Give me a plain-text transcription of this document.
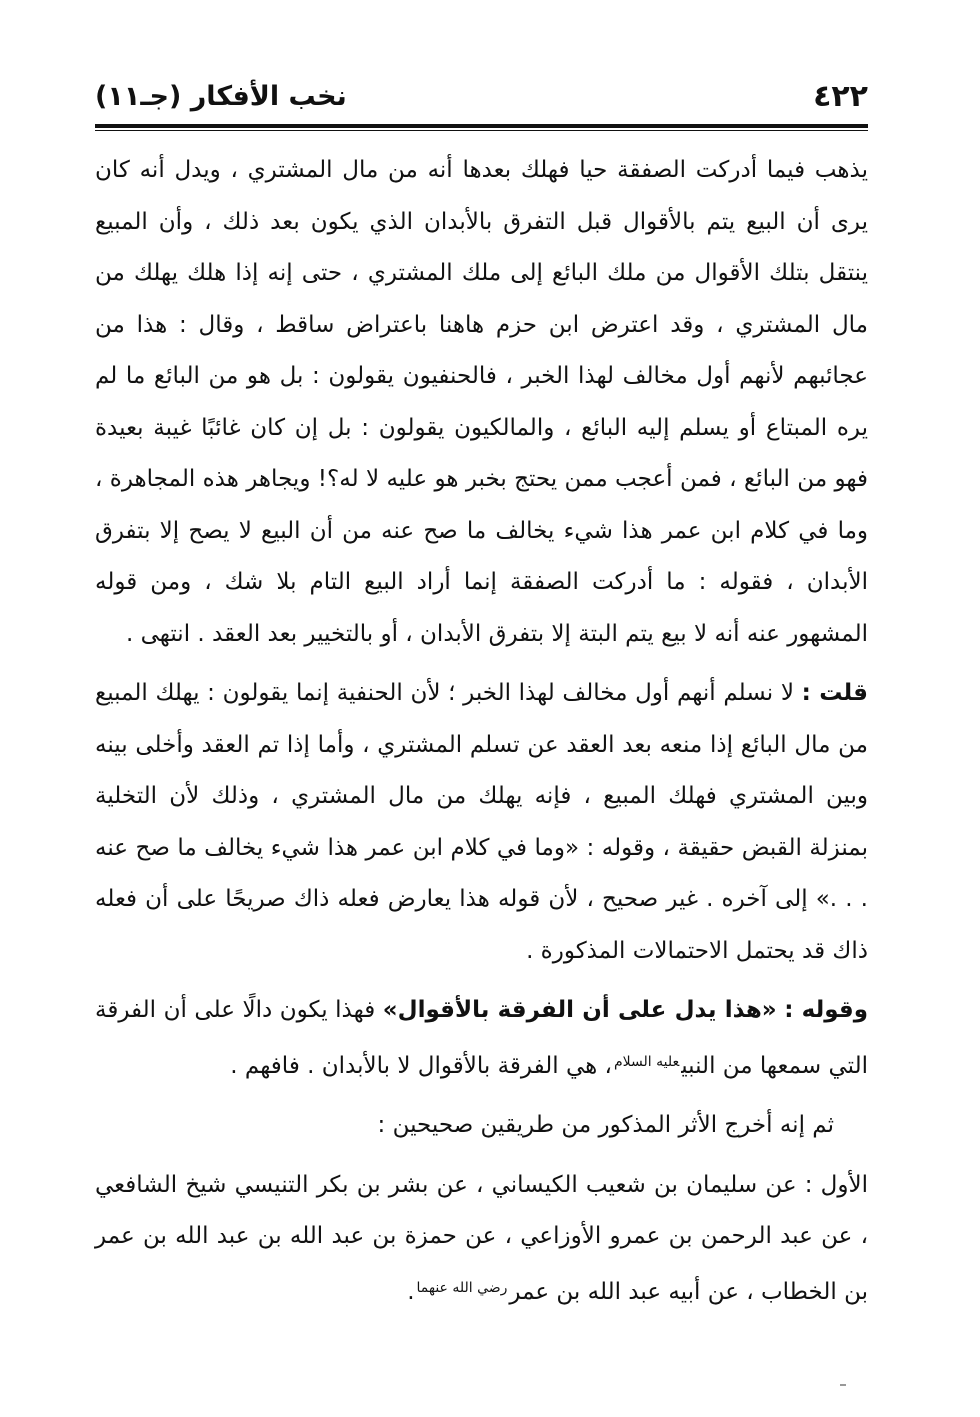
٤٢٢
نخب الأفكار (جـ١١)

يذهب فيما أدركت الصفقة حيا فهلك بعدها أنه من مال المشتري ، ويدل أنه كان يرى أن البيع يتم بالأقوال قبل التفرق بالأبدان الذي يكون بعد ذلك ، وأن المبيع ينتقل بتلك الأقوال من ملك البائع إلى ملك المشتري ، حتى إنه إذا هلك يهلك من مال المشتري ، وقد اعترض ابن حزم هاهنا باعتراض ساقط ، وقال : هذا من عجائبهم لأنهم أول مخالف لهذا الخبر ، فالحنفيون يقولون : بل هو من البائع ما لم يره المبتاع أو يسلم إليه البائع ، والمالكيون يقولون : بل إن كان غائبًا غيبة بعيدة فهو من البائع ، فمن أعجب ممن يحتج بخبر هو عليه لا له؟! ويجاهر هذه المجاهرة ، وما في كلام ابن عمر هذا شيء يخالف ما صح عنه من أن البيع لا يصح إلا بتفرق الأبدان ، فقوله : ما أدركت الصفقة إنما أراد البيع التام بلا شك ، ومن قوله المشهور عنه أنه لا بيع يتم البتة إلا بتفرق الأبدان ، أو بالتخيير بعد العقد . انتهى .

قلت : لا نسلم أنهم أول مخالف لهذا الخبر ؛ لأن الحنفية إنما يقولون : يهلك المبيع من مال البائع إذا منعه بعد العقد عن تسلم المشتري ، وأما إذا تم العقد وأخلى بينه وبين المشتري فهلك المبيع ، فإنه يهلك من مال المشتري ، وذلك لأن التخلية بمنزلة القبض حقيقة ، وقوله : «وما في كلام ابن عمر هذا شيء يخالف ما صح عنه . . .» إلى آخره . غير صحيح ، لأن قوله هذا يعارض فعله ذاك صريحًا على أن فعله ذاك قد يحتمل الاحتمالات المذكورة .

وقوله : «هذا يدل على أن الفرقة بالأقوال» فهذا يكون دالًا على أن الفرقة التي سمعها من النبي$^{عليه السلام}$، هي الفرقة بالأقوال لا بالأبدان . فافهم .

ثم إنه أخرج الأثر المذكور من طريقين صحيحين :

الأول : عن سليمان بن شعيب الكيساني ، عن بشر بن بكر التنيسي شيخ الشافعي ، عن عبد الرحمن بن عمرو الأوزاعي ، عن حمزة بن عبد الله بن عبد الله بن عمر بن الخطاب ، عن أبيه عبد الله بن عمر$^{رضي الله عنهما}$.
